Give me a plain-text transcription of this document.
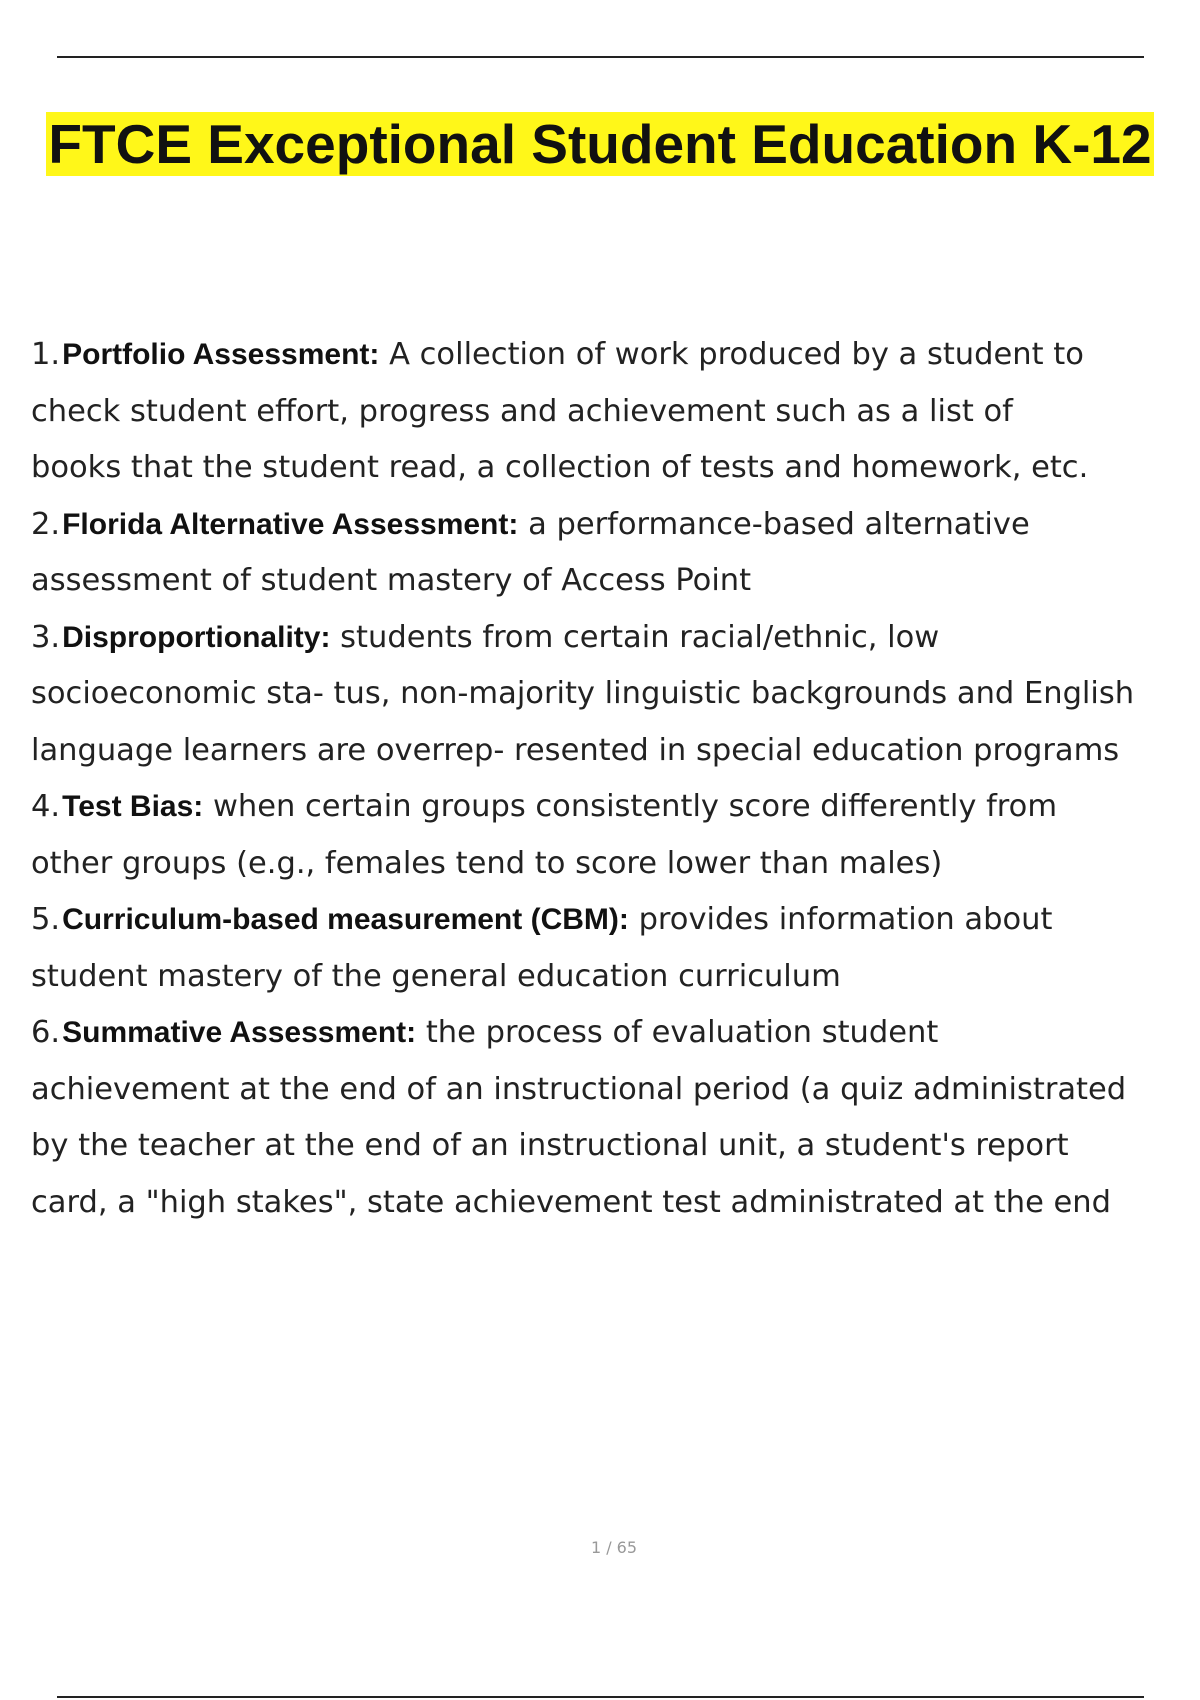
FTCE Exceptional Student Education K-12
1. Portfolio Assessment: A collection of work produced by a student to
check student effort, progress and achievement such as a list of
books that the student read, a collection of tests and homework, etc.
2. Florida Alternative Assessment: a performance-based alternative
assessment of student mastery of Access Point
3. Disproportionality: students from certain racial/ethnic, low
socioeconomic sta- tus, non-majority linguistic backgrounds and English
language learners are overrep- resented in special education programs
4. Test Bias: when certain groups consistently score differently from
other groups (e.g., females tend to score lower than males)
5. Curriculum-based measurement (CBM): provides information about
student mastery of the general education curriculum
6. Summative Assessment: the process of evaluation student
achievement at the end of an instructional period (a quiz administrated
by the teacher at the end of an instructional unit, a student's report
card, a "high stakes", state achievement test administrated at the end
1 / 65
